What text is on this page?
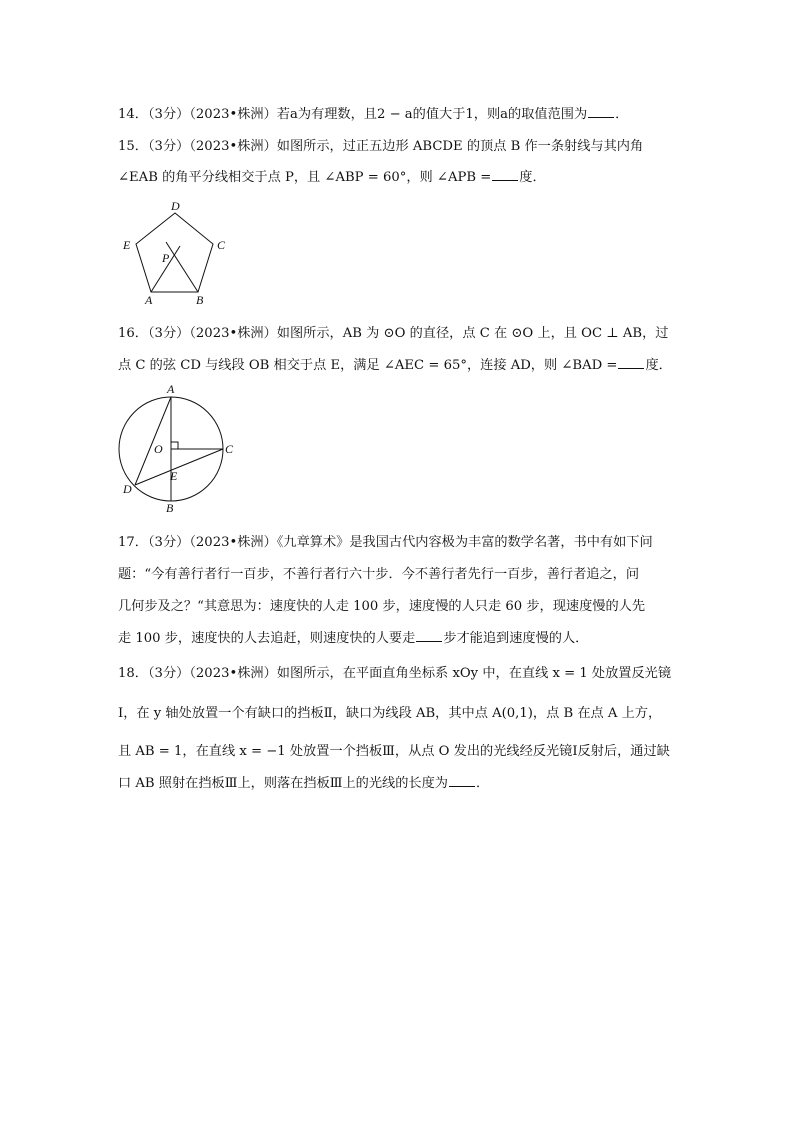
14．（3分）（2023•株洲）若a为有理数，且2 − a的值大于1，则a的取值范围为 ．
15．（3分）（2023•株洲）如图所示，过正五边形 ABCDE 的顶点 B 作一条射线与其内角
∠EAB 的角平分线相交于点 P，且 ∠ABP = 60°，则 ∠APB = 度．
D
E	C
P
A	B
16．（3分）（2023•株洲）如图所示，AB 为 ⊙O 的直径，点 C 在 ⊙O 上，且 OC ⊥ AB，过
点 C 的弦 CD 与线段 OB 相交于点 E，满足 ∠AEC = 65°，连接 AD，则 ∠BAD = 度．
A
O	C
E
D
B
17．（3分）（2023•株洲）《九章算术》是我国古代内容极为丰富的数学名著，书中有如下问
题：“今有善行者行一百步，不善行者行六十步．今不善行者先行一百步，善行者追之，问
几何步及之？“其意思为：速度快的人走 100 步，速度慢的人只走 60 步，现速度慢的人先
走 100 步，速度快的人去追赶，则速度快的人要走 步才能追到速度慢的人．
18．（3分）（2023•株洲）如图所示，在平面直角坐标系 xOy 中，在直线 x = 1 处放置反光镜
Ⅰ，在 y 轴处放置一个有缺口的挡板Ⅱ，缺口为线段 AB，其中点 A(0,1)，点 B 在点 A 上方，
且 AB = 1，在直线 x = −1 处放置一个挡板Ⅲ，从点 O 发出的光线经反光镜Ⅰ反射后，通过缺
口 AB 照射在挡板Ⅲ上，则落在挡板Ⅲ上的光线的长度为 ．
